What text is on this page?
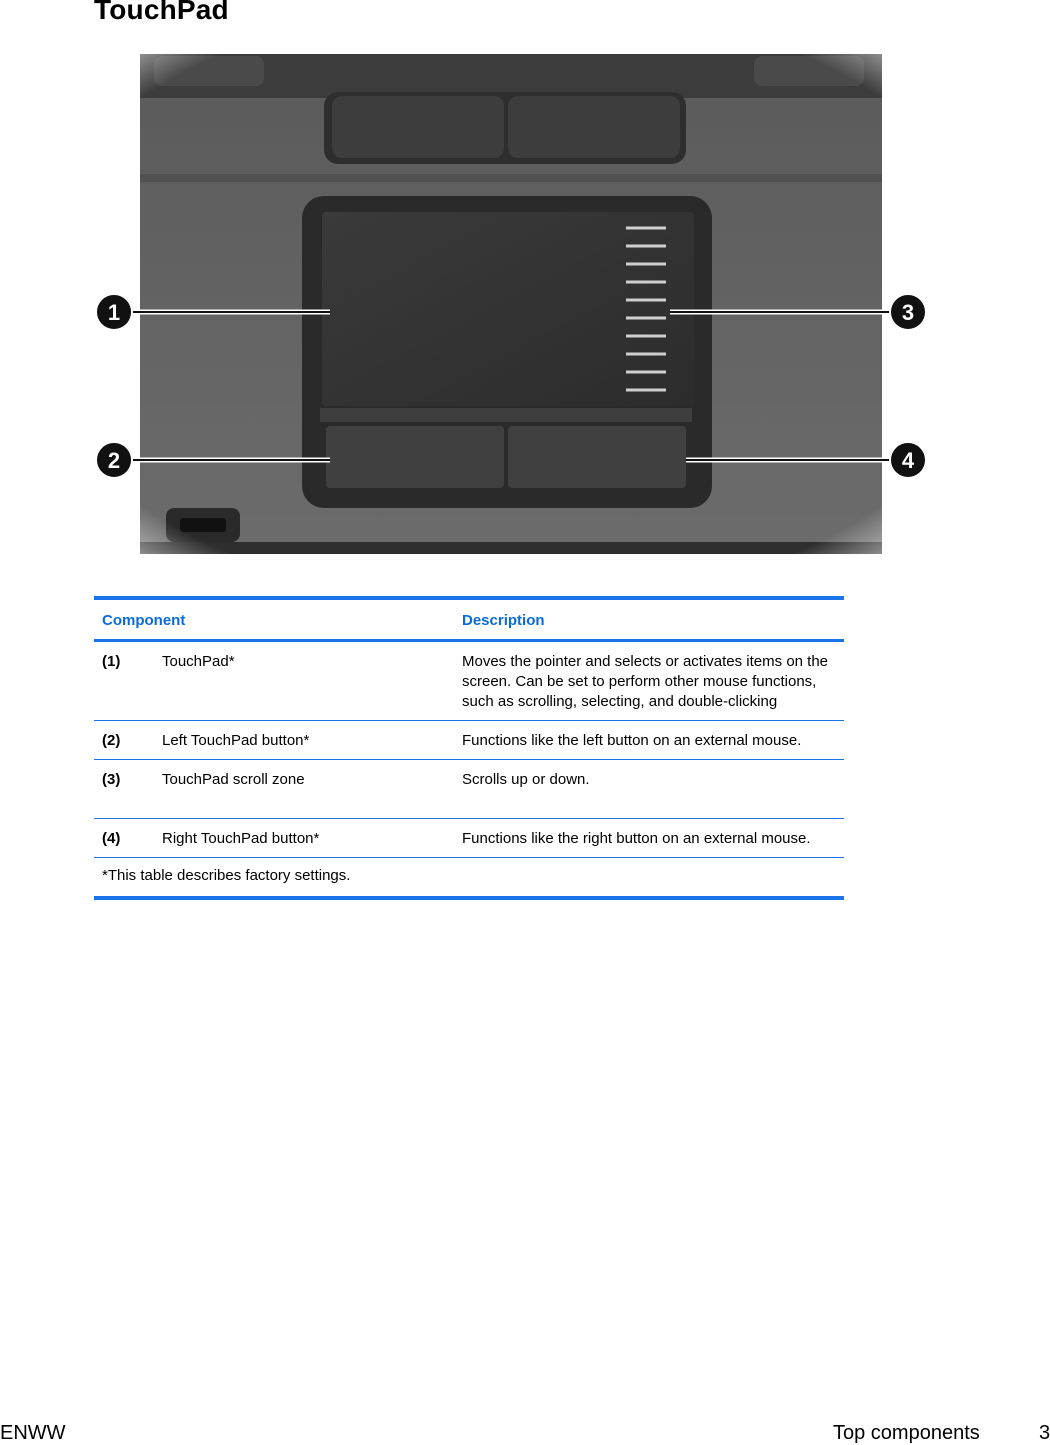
TouchPad
1
2
3
4
Component		Description
(1)	TouchPad*	Moves the pointer and selects or activates items on the screen. Can be set to perform other mouse functions, such as scrolling, selecting, and double-clicking
(2)	Left TouchPad button*	Functions like the left button on an external mouse.
(3)	TouchPad scroll zone	Scrolls up or down.
(4)	Right TouchPad button*	Functions like the right button on an external mouse.
*This table describes factory settings.		
ENWW	Top components	3
